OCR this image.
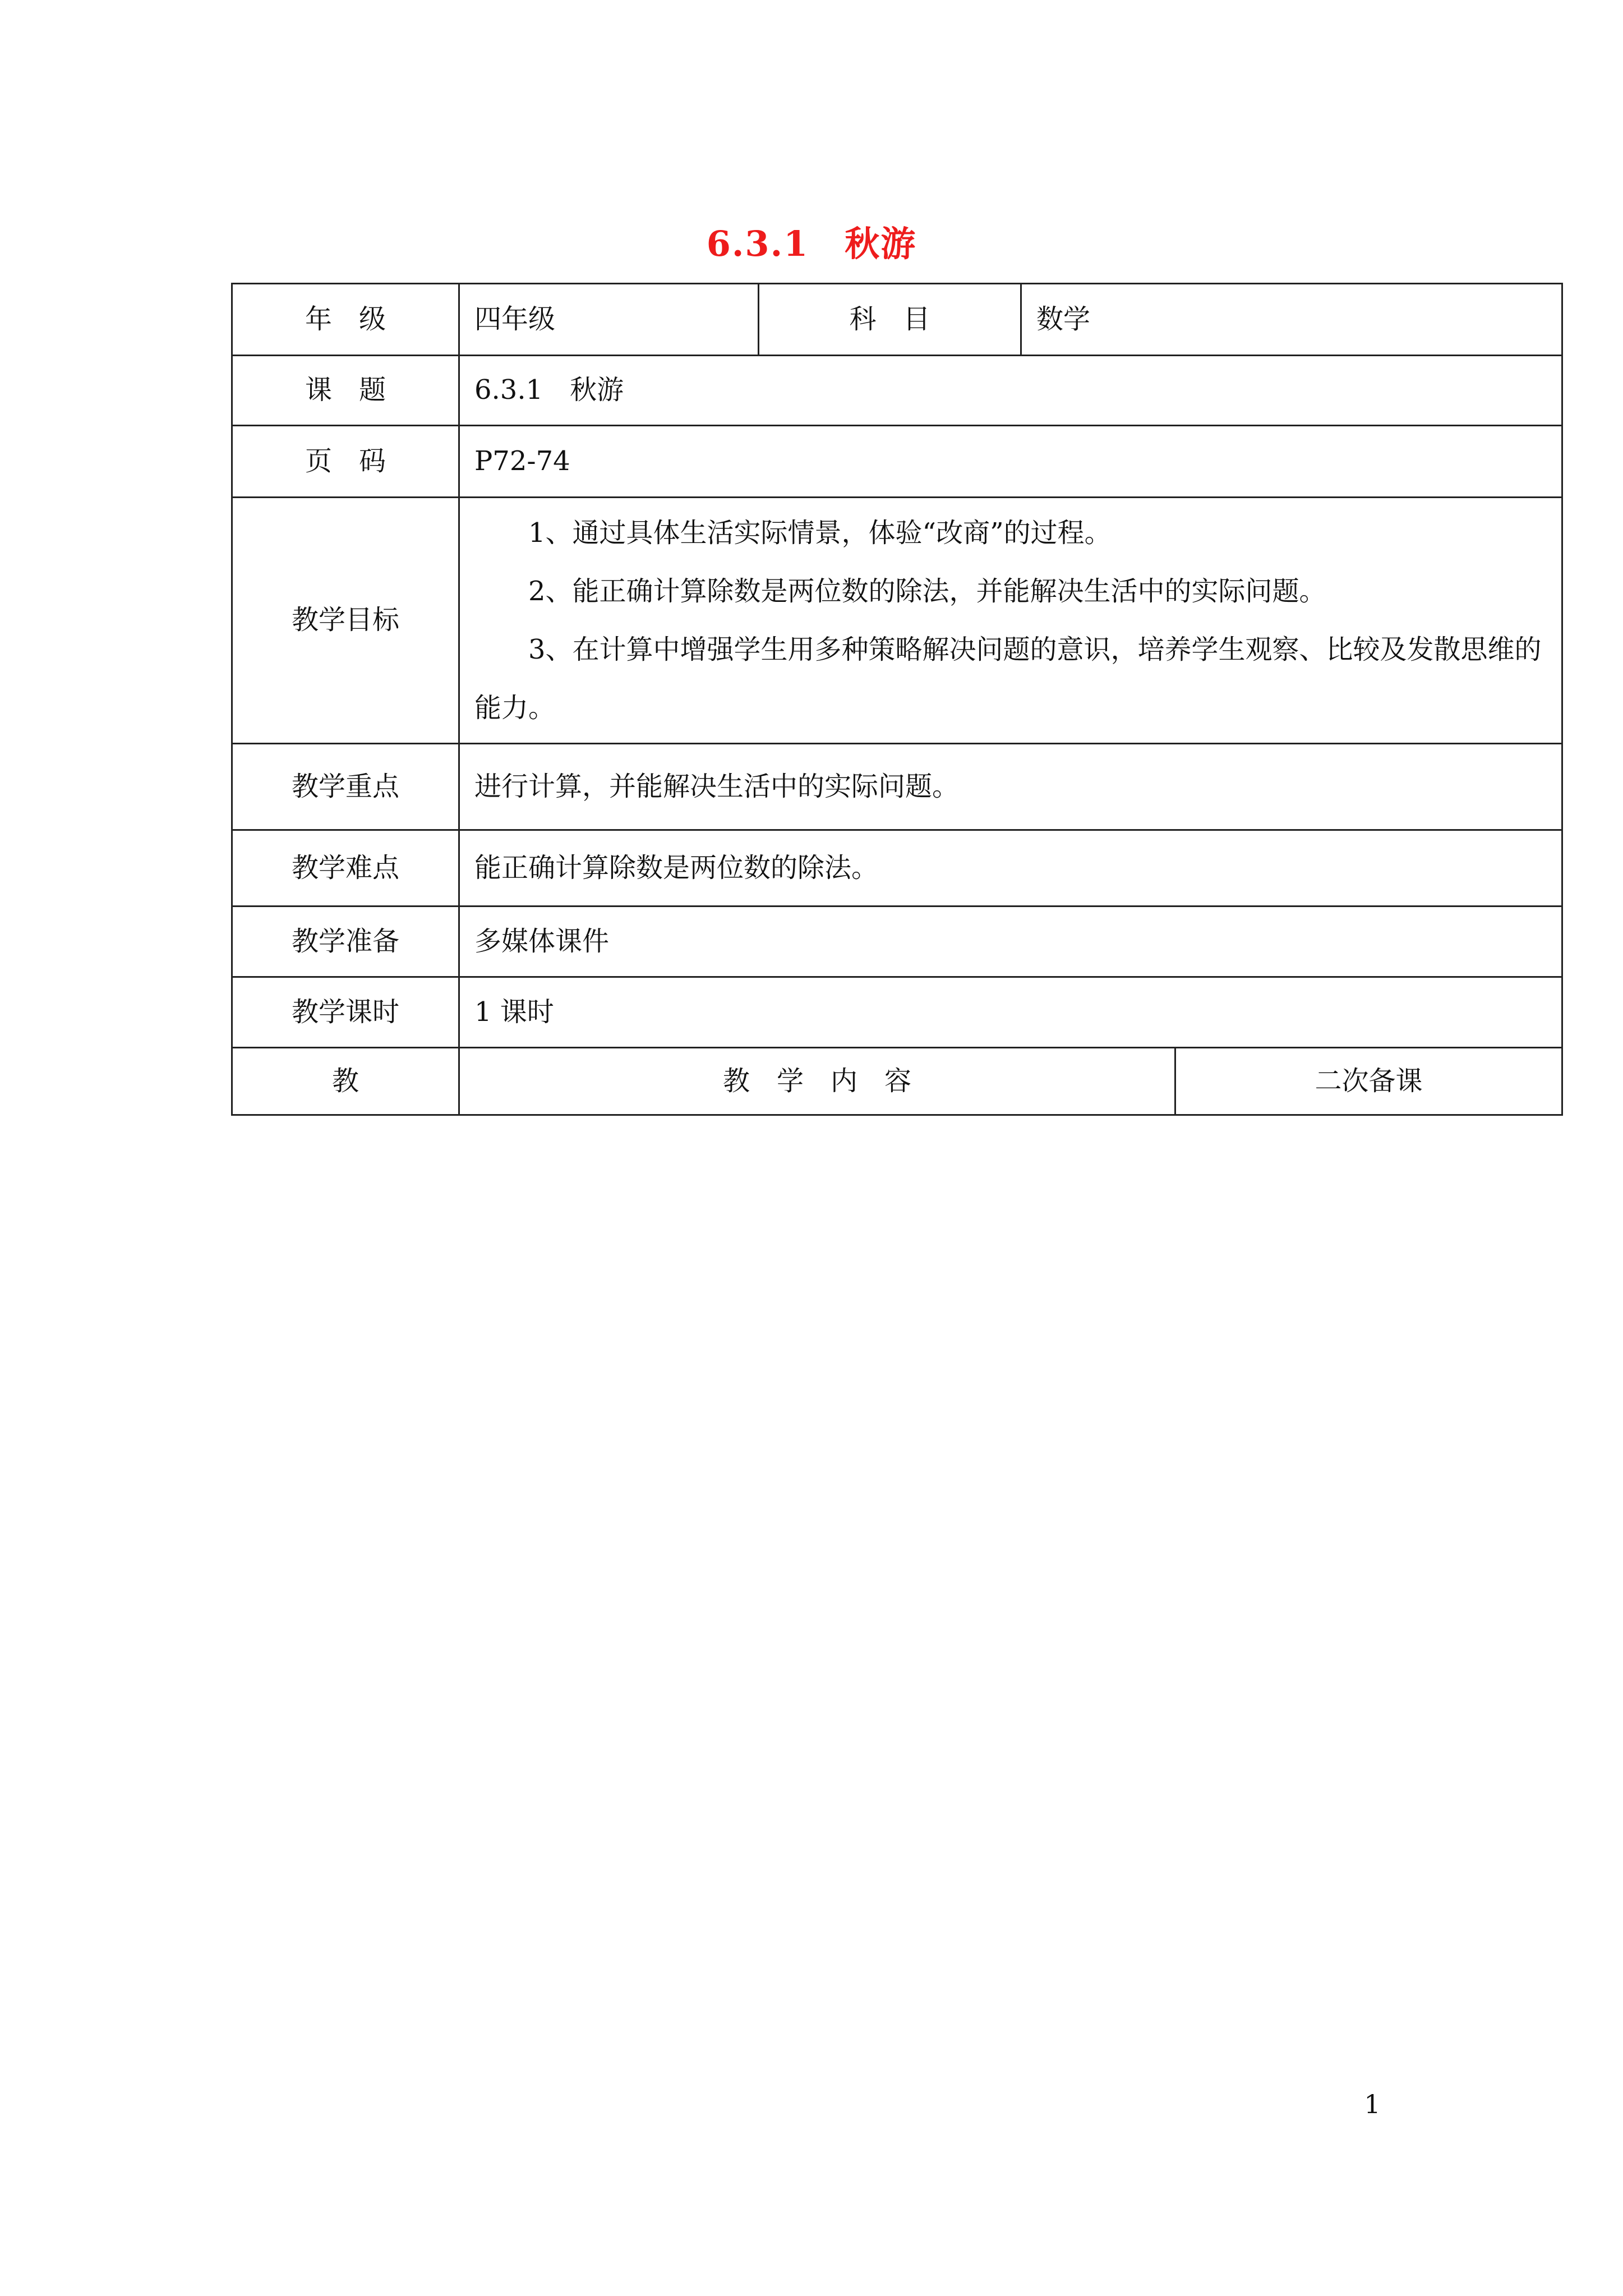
6.3.1　秋游
年　级	四年级	科　目	数学	
课　题	6.3.1　秋游			
页　码	P72-74			
教学目标	1、通过具体生活实际情景，体验“改商”的过程。

2、能正确计算除数是两位数的除法，并能解决生活中的实际问题。

3、在计算中增强学生用多种策略解决问题的意识，培养学生观察、比较及发散思维的能力。			

教学重点	进行计算，并能解决生活中的实际问题。			
教学难点	能正确计算除数是两位数的除法。			
教学准备	多媒体课件			
教学课时	1 课时			
教	教　学　内　容			二次备课
1
